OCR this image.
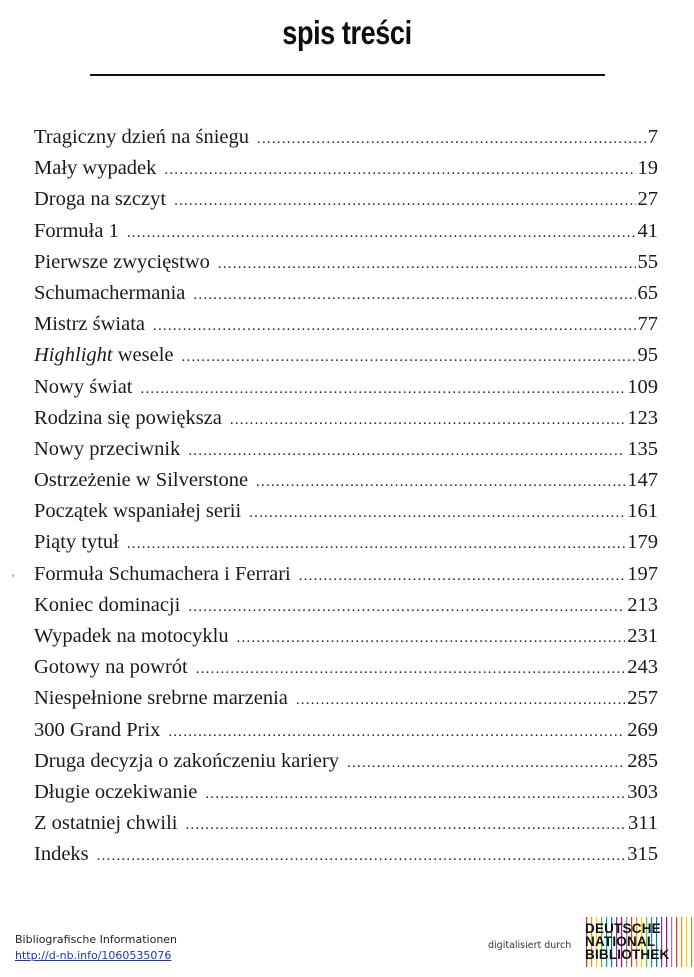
spis treści
Tragiczny dzień na śniegu .....	7
Mały wypadek .....	19
Droga na szczyt .....	27
Formuła 1 .....	41
Pierwsze zwycięstwo .....	55
Schumachermania .....	65
Mistrz świata .....	77
Highlight wesele .....	95
Nowy świat .....	109
Rodzina się powiększa .....	123
Nowy przeciwnik .....	135
Ostrzeżenie w Silverstone .....	147
Początek wspaniałej serii .....	161
Piąty tytuł .....	179
Formuła Schumachera i Ferrari .....	197
Koniec dominacji .....	213
Wypadek na motocyklu .....	231
Gotowy na powrót .....	243
Niespełnione srebrne marzenia .....	257
300 Grand Prix .....	269
Druga decyzja o zakończeniu kariery .....	285
Długie oczekiwanie .....	303
Z ostatniej chwili .....	311
Indeks .....	315
'
Bibliografische Informationen
http://d-nb.info/1060535076
digitalisiert durch
DEUTSCHE
NATIONAL
BIBLIOTHEK
